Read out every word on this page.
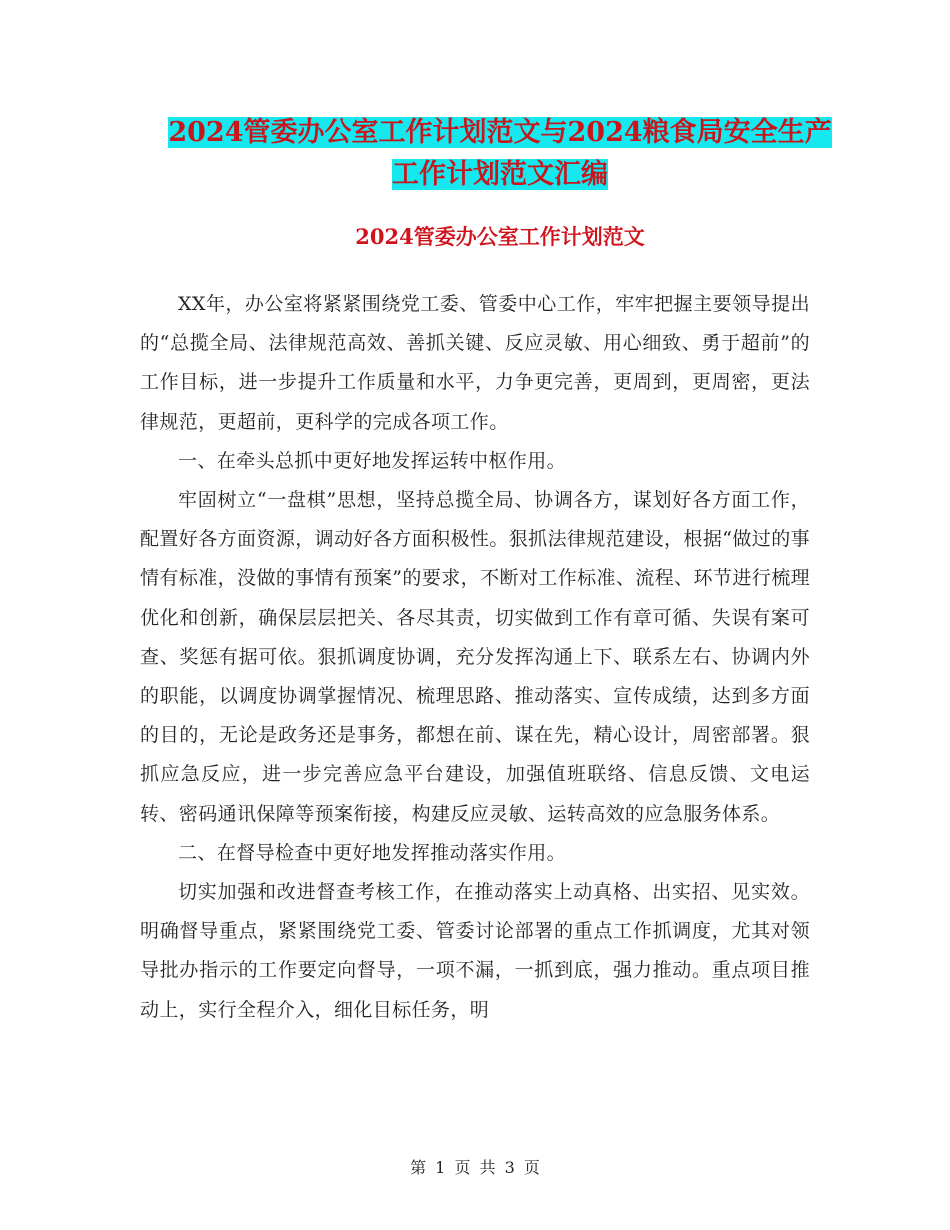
2024管委办公室工作计划范文与2024粮食局安全生产
工作计划范文汇编
2024管委办公室工作计划范文

XX年，办公室将紧紧围绕党工委、管委中心工作，牢牢把握主要领导提出的“总揽全局、法律规范高效、善抓关键、反应灵敏、用心细致、勇于超前”的工作目标，进一步提升工作质量和水平，力争更完善，更周到，更周密，更法律规范，更超前，更科学的完成各项工作。

一、在牵头总抓中更好地发挥运转中枢作用。

牢固树立“一盘棋”思想，坚持总揽全局、协调各方，谋划好各方面工作，配置好各方面资源，调动好各方面积极性。狠抓法律规范建设，根据“做过的事情有标准，没做的事情有预案”的要求，不断对工作标准、流程、环节进行梳理优化和创新，确保层层把关、各尽其责，切实做到工作有章可循、失误有案可查、奖惩有据可依。狠抓调度协调，充分发挥沟通上下、联系左右、协调内外的职能，以调度协调掌握情况、梳理思路、推动落实、宣传成绩，达到多方面的目的，无论是政务还是事务，都想在前、谋在先，精心设计，周密部署。狠抓应急反应，进一步完善应急平台建设，加强值班联络、信息反馈、文电运转、密码通讯保障等预案衔接，构建反应灵敏、运转高效的应急服务体系。

二、在督导检查中更好地发挥推动落实作用。

切实加强和改进督查考核工作，在推动落实上动真格、出实招、见实效。明确督导重点，紧紧围绕党工委、管委讨论部署的重点工作抓调度，尤其对领导批办指示的工作要定向督导，一项不漏，一抓到底，强力推动。重点项目推动上，实行全程介入，细化目标任务，明

第 1 页 共 3 页
